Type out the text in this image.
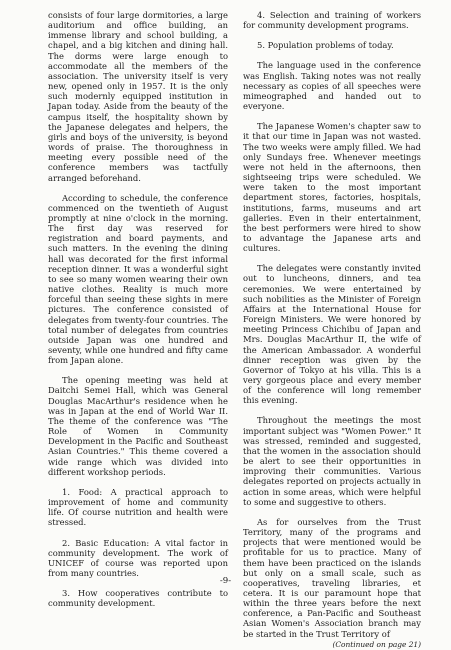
consists of four large dormitories, a large auditorium and office building, an immense library and school building, a chapel, and a big kitchen and dining hall. The dorms were large enough to accommodate all the members of the association. The university itself is very new, opened only in 1957. It is the only such modernly equipped institution in Japan today. Aside from the beauty of the campus itself, the hospitality shown by the Japanese delegates and helpers, the girls and boys of the university, is beyond words of praise. The thoroughness in meeting every possible need of the conference members was tactfully arranged beforehand.

According to schedule, the conference commenced on the twentieth of August promptly at nine o'clock in the morning. The first day was reserved for registration and board payments, and such matters. In the evening the dining hall was decorated for the first informal reception dinner. It was a wonderful sight to see so many women wearing their own native clothes. Reality is much more forceful than seeing these sights in mere pictures. The conference consisted of delegates from twenty-four countries. The total number of delegates from countries outside Japan was one hundred and seventy, while one hundred and fifty came from Japan alone.

The opening meeting was held at Daitchi Semei Hall, which was General Douglas MacArthur's residence when he was in Japan at the end of World War II. The theme of the conference was "The Role of Women in Community Development in the Pacific and Southeast Asian Countries." This theme covered a wide range which was divided into different workshop periods.

1. Food: A practical approach to improvement of home and community life. Of course nutrition and health were stressed.

2. Basic Education: A vital factor in community development. The work of UNICEF of course was reported upon from many countries.

3. How cooperatives contribute to community development.

4. Selection and training of workers for community development programs.

5. Population problems of today.

The language used in the conference was English. Taking notes was not really necessary as copies of all speeches were mimeographed and handed out to everyone.

The Japanese Women's chapter saw to it that our time in Japan was not wasted. The two weeks were amply filled. We had only Sundays free. Whenever meetings were not held in the afternoons, then sightseeing trips were scheduled. We were taken to the most important department stores, factories, hospitals, institutions, farms, museums and art galleries. Even in their entertainment, the best performers were hired to show to advantage the Japanese arts and cultures.

The delegates were constantly invited out to luncheons, dinners, and tea ceremonies. We were entertained by such nobilities as the Minister of Foreign Affairs at the International House for Foreign Ministers. We were honored by meeting Princess Chichibu of Japan and Mrs. Douglas MacArthur II, the wife of the American Ambassador. A wonderful dinner reception was given by the Governor of Tokyo at his villa. This is a very gorgeous place and every member of the conference will long remember this evening.

Throughout the meetings the most important subject was "Women Power." It was stressed, reminded and suggested, that the women in the association should be alert to see their opportunities in improving their communities. Various delegates reported on projects actually in action in some areas, which were helpful to some and suggestive to others.

As for ourselves from the Trust Territory, many of the programs and projects that were mentioned would be profitable for us to practice. Many of them have been practiced on the islands but only on a small scale, such as cooperatives, traveling libraries, et cetera. It is our paramount hope that within the three years before the next conference, a Pan-Pacific and Southeast Asian Women's Association branch may be started in the Trust Territory of

(Continued on page 21)
-9-
